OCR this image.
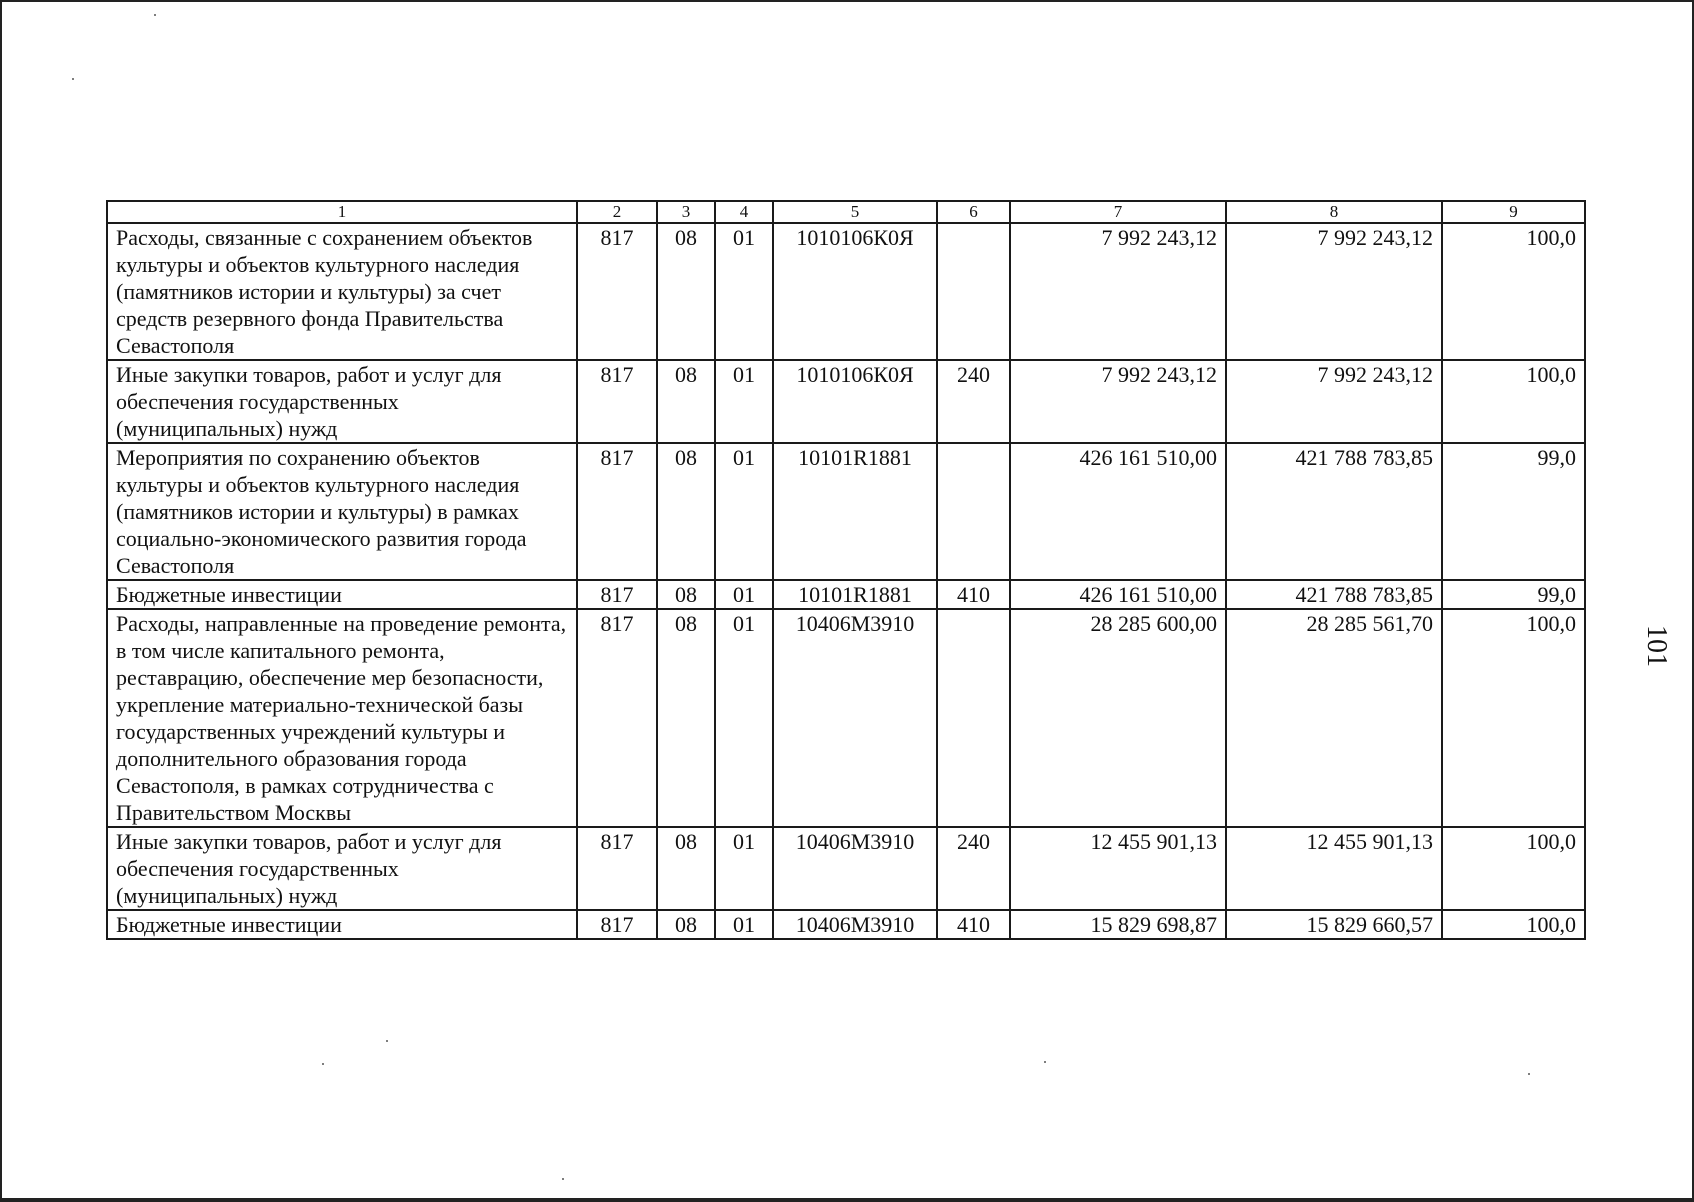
1	2	3	4	5	6	7	8	9
Расходы, связанные с сохранением объектов культуры и объектов культурного наследия (памятников истории и культуры) за счет средств резервного фонда Правительства Севастополя	817	08	01	1010106К0Я		7 992 243,12	7 992 243,12	100,0
Иные закупки товаров, работ и услуг для обеспечения государственных (муниципальных) нужд	817	08	01	1010106К0Я	240	7 992 243,12	7 992 243,12	100,0
Мероприятия по сохранению объектов культуры и объектов культурного наследия (памятников истории и культуры) в рамках социально-экономического развития города Севастополя	817	08	01	10101R1881		426 161 510,00	421 788 783,85	99,0
Бюджетные инвестиции	817	08	01	10101R1881	410	426 161 510,00	421 788 783,85	99,0
Расходы, направленные на проведение ремонта, в том числе капитального ремонта, реставрацию, обеспечение мер безопасности, укрепление материально-технической базы государственных учреждений культуры и дополнительного образования города Севастополя, в рамках сотрудничества с Правительством Москвы	817	08	01	10406М3910		28 285 600,00	28 285 561,70	100,0
Иные закупки товаров, работ и услуг для обеспечения государственных (муниципальных) нужд	817	08	01	10406М3910	240	12 455 901,13	12 455 901,13	100,0
Бюджетные инвестиции	817	08	01	10406М3910	410	15 829 698,87	15 829 660,57	100,0
101
